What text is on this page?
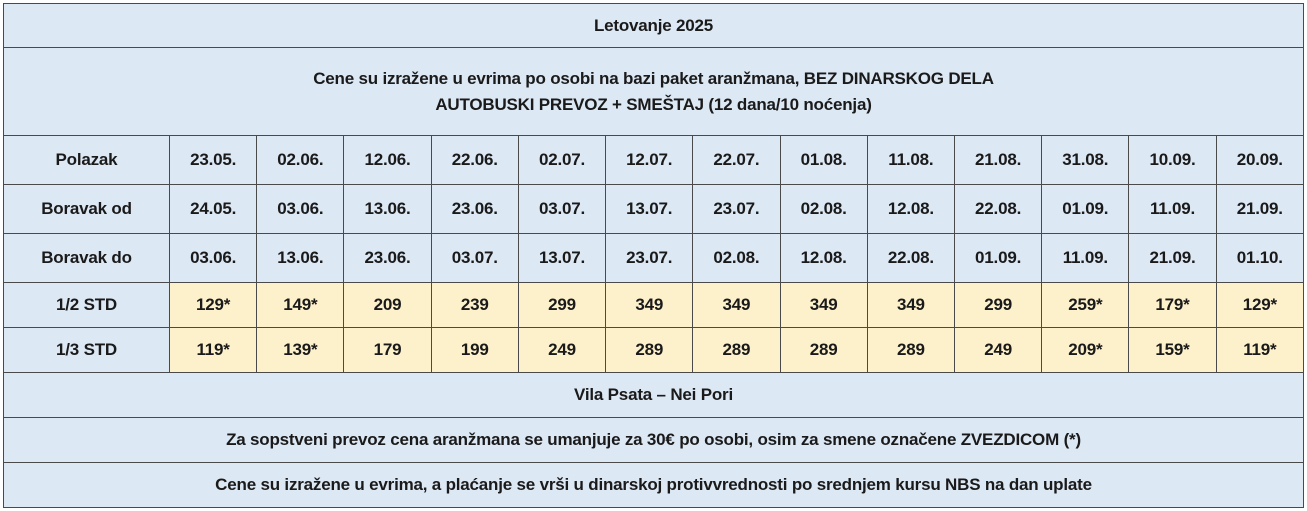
Letovanje 2025													

Cene su izražene u evrima po osobi na bazi paket aranžmana, BEZ DINARSKOG DELA
AUTOBUSKI PREVOZ + SMEŠTAJ (12 dana/10 noćenja)													

Polazak	23.05.	02.06.	12.06.	22.06.	02.07.	12.07.	22.07.	01.08.	11.08.	21.08.	31.08.	10.09.	20.09.
Boravak od	24.05.	03.06.	13.06.	23.06.	03.07.	13.07.	23.07.	02.08.	12.08.	22.08.	01.09.	11.09.	21.09.
Boravak do	03.06.	13.06.	23.06.	03.07.	13.07.	23.07.	02.08.	12.08.	22.08.	01.09.	11.09.	21.09.	01.10.
1/2 STD	129*	149*	209	239	299	349	349	349	349	299	259*	179*	129*
1/3 STD	119*	139*	179	199	249	289	289	289	289	249	209*	159*	119*
Vila Psata – Nei Pori													
Za sopstveni prevoz cena aranžmana se umanjuje za 30€ po osobi, osim za smene označene ZVEZDICOM (*)													
Cene su izražene u evrima, a plaćanje se vrši u dinarskoj protivvrednosti po srednjem kursu NBS na dan uplate													
